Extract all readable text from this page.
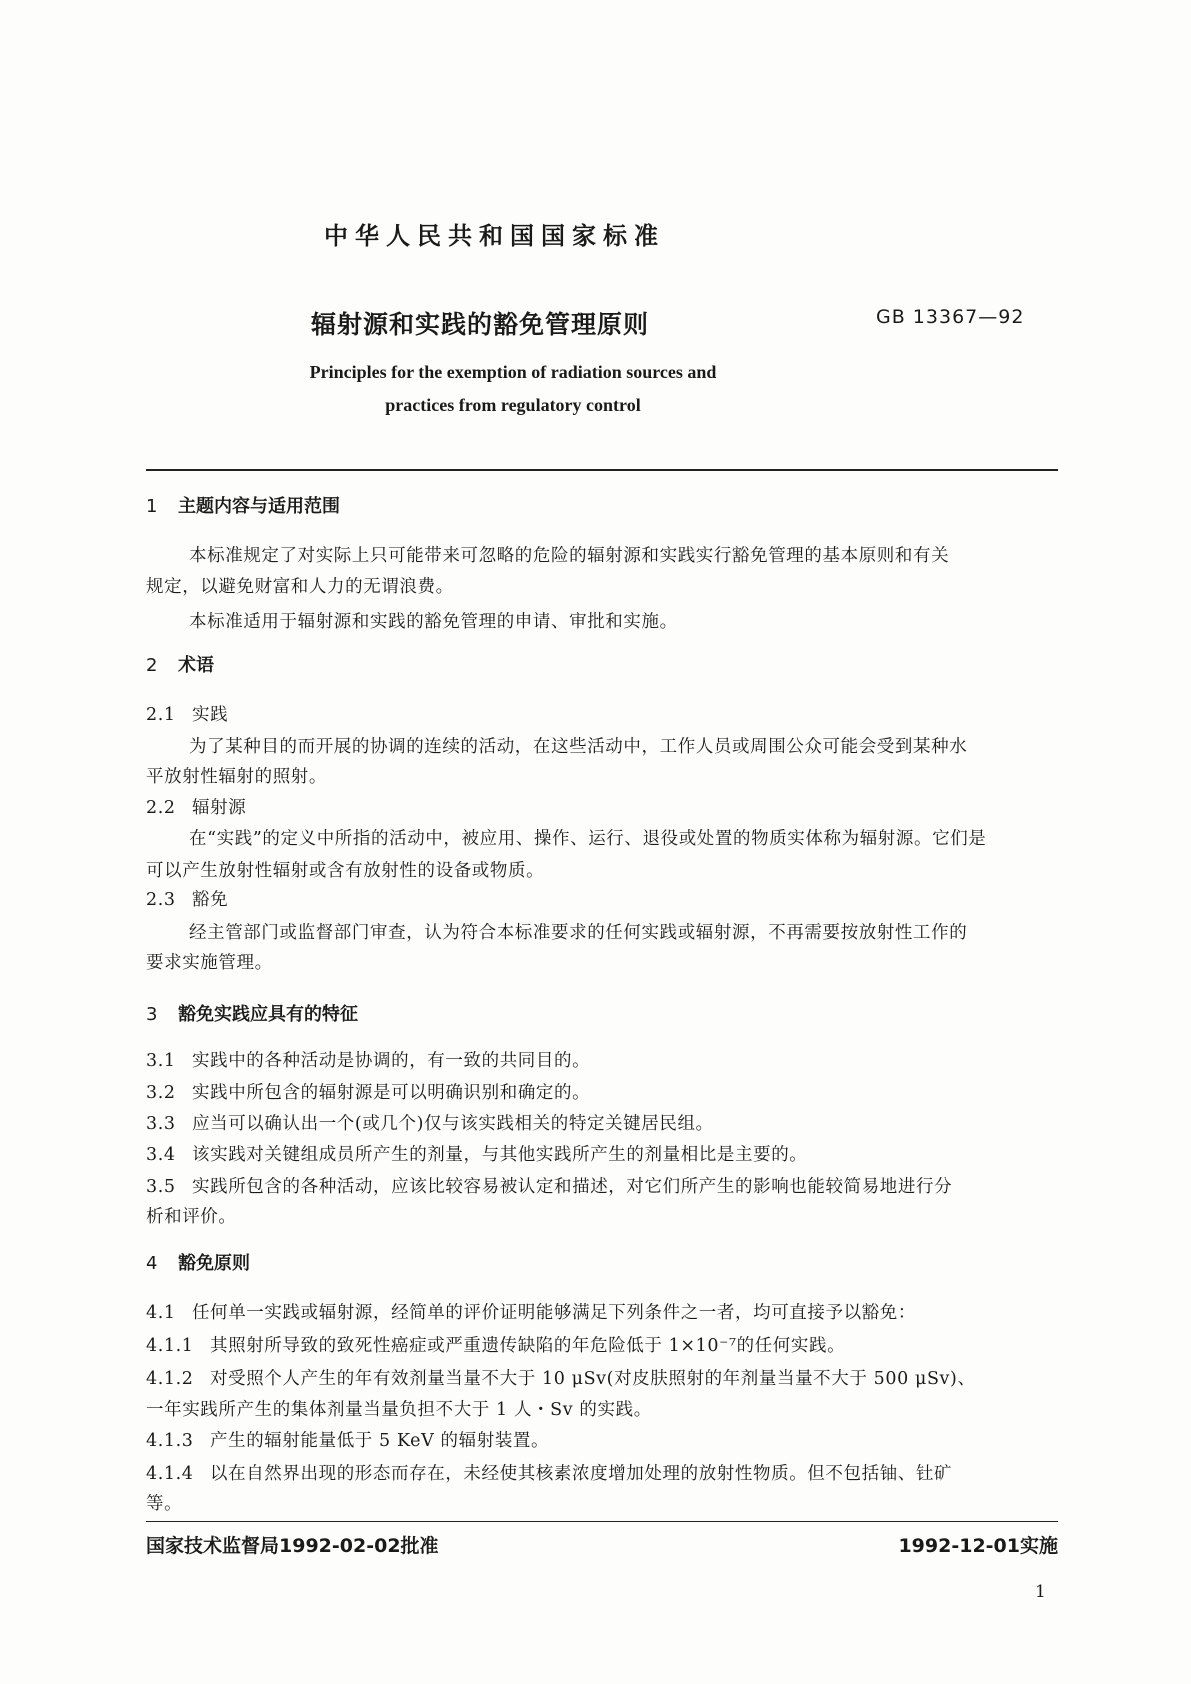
中华人民共和国国家标准
辐射源和实践的豁免管理原则	GB 13367—92
Principles for the exemption of radiation sources and
practices from regulatory control
1 主题内容与适用范围
本标准规定了对实际上只可能带来可忽略的危险的辐射源和实践实行豁免管理的基本原则和有关
规定，以避免财富和人力的无谓浪费。
本标准适用于辐射源和实践的豁免管理的申请、审批和实施。
2 术语
2.1 实践
为了某种目的而开展的协调的连续的活动，在这些活动中，工作人员或周围公众可能会受到某种水
平放射性辐射的照射。
2.2 辐射源
在“实践”的定义中所指的活动中，被应用、操作、运行、退役或处置的物质实体称为辐射源。它们是
可以产生放射性辐射或含有放射性的设备或物质。
2.3 豁免
经主管部门或监督部门审查，认为符合本标准要求的任何实践或辐射源，不再需要按放射性工作的
要求实施管理。
3 豁免实践应具有的特征
3.1 实践中的各种活动是协调的，有一致的共同目的。
3.2 实践中所包含的辐射源是可以明确识别和确定的。
3.3 应当可以确认出一个(或几个)仅与该实践相关的特定关键居民组。
3.4 该实践对关键组成员所产生的剂量，与其他实践所产生的剂量相比是主要的。
3.5 实践所包含的各种活动，应该比较容易被认定和描述，对它们所产生的影响也能较简易地进行分
析和评价。
4 豁免原则
4.1 任何单一实践或辐射源，经简单的评价证明能够满足下列条件之一者，均可直接予以豁免：
4.1.1 其照射所导致的致死性癌症或严重遗传缺陷的年危险低于 1×10⁻⁷的任何实践。
4.1.2 对受照个人产生的年有效剂量当量不大于 10 μSv(对皮肤照射的年剂量当量不大于 500 μSv)、
一年实践所产生的集体剂量当量负担不大于 1 人・Sv 的实践。
4.1.3 产生的辐射能量低于 5 KeV 的辐射装置。
4.1.4 以在自然界出现的形态而存在，未经使其核素浓度增加处理的放射性物质。但不包括铀、钍矿
等。
国家技术监督局1992-02-02批准	1992-12-01实施
1
